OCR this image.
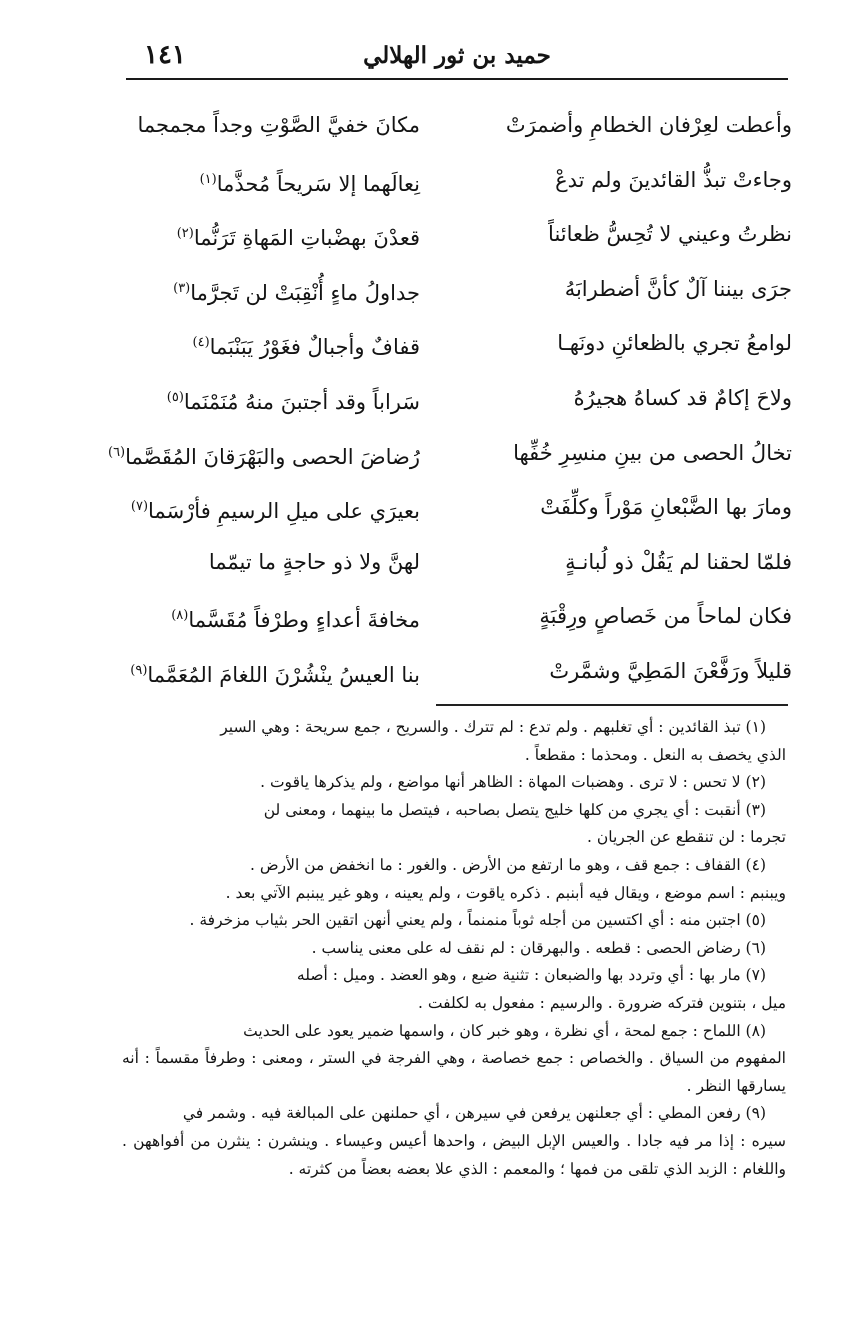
حميد بن ثور الهلالي
١٤١
وأعطت لعِرْفان الخطامِ وأضمرَتْ
مكانَ خفيَّ الصَّوْتِ وجداً مجمجما
وجاءتْ تبذُّ القائدينَ ولم تدعْ
نِعالَهما إلا سَريحاً مُحذَّما$^{(١)}$
نظرتُ وعيني لا تُحِسُّ ظعائناً
قعدْنَ بهضْباتِ المَهاةِ تَرَنُّما$^{(٢)}$
جرَى بيننا آلٌ كأنَّ أضطرابَهُ
جداولُ ماءٍ أُنْقِبَتْ لن تَجرَّما$^{(٣)}$
لوامعُ تجري بالظعائنِ دونَهـا
قفافٌ وأجبالٌ فغَوْرُ يَبَنْبَما$^{(٤)}$
ولاحَ إكامٌ قد كساهُ هجيرُهُ
سَراباً وقد أجتبنَ منهُ مُنَمْنَما$^{(٥)}$
تخالُ الحصى من بينِ منسِرِ خُفِّها
رُضاضَ الحصى والبَهْرَقانَ المُقَصَّما$^{(٦)}$
ومارَ بها الضَّبْعانِ مَوْراً وكلِّفَتْ
بعيرَي على ميلِ الرسيمِ فأرْسَما$^{(٧)}$
فلمّا لحقنا لم يَقُلْ ذو لُبانـةٍ
لهنَّ ولا ذو حاجةٍ ما تيمّما
فكان لماحاً من خَصاصٍ ورِقْبَةٍ
مخافةَ أعداءٍ وطرْفاً مُقَسَّما$^{(٨)}$
قليلاً ورَفَّعْنَ المَطِيَّ وشمَّرتْ
بنا العيسُ ينْشُرْنَ اللغامَ المُعَمَّما$^{(٩)}$

(١) تبذ القائدين : أي تغلبهم . ولم تدع : لم تترك . والسريح ، جمع سريحة : وهي السير
الذي يخصف به النعل . ومحذما : مقطعاً .

(٢) لا تحس : لا ترى . وهضبات المهاة : الظاهر أنها مواضع ، ولم يذكرها ياقوت .

(٣) أنقبت : أي يجري من كلها خليج يتصل بصاحبه ، فيتصل ما بينهما ، ومعنى لن
تجرما : لن تنقطع عن الجريان .

(٤) القفاف : جمع قف ، وهو ما ارتفع من الأرض . والغور : ما انخفض من الأرض .
ويبنبم : اسم موضع ، ويقال فيه أبنبم . ذكره ياقوت ، ولم يعينه ، وهو غير يبنبم الآتي بعد .

(٥) اجتبن منه : أي اكتسين من أجله ثوباً منمنماً ، ولم يعني أنهن اتقين الحر بثياب مزخرفة .

(٦) رضاض الحصى : قطعه . والبهرقان : لم نقف له على معنى يناسب .

(٧) مار بها : أي وتردد بها والضبعان : تثنية ضبع ، وهو العضد . وميل : أصله
ميل ، بتنوين فتركه ضرورة . والرسيم : مفعول به لكلفت .

(٨) اللماح : جمع لمحة ، أي نظرة ، وهو خبر كان ، واسمها ضمير يعود على الحديث
المفهوم من السياق . والخصاص : جمع خصاصة ، وهي الفرجة في الستر ، ومعنى : وطرفاً مقسماً : أنه يسارقها النظر .

(٩) رفعن المطي : أي جعلنهن يرفعن في سيرهن ، أي حملنهن على المبالغة فيه . وشمر في
سيره : إذا مر فيه جادا . والعيس الإبل البيض ، واحدها أعيس وعيساء . وينشرن : ينثرن من أفواههن . واللغام : الزبد الذي تلقى من فمها ؛ والمعمم : الذي علا بعضه بعضاً من كثرته .
